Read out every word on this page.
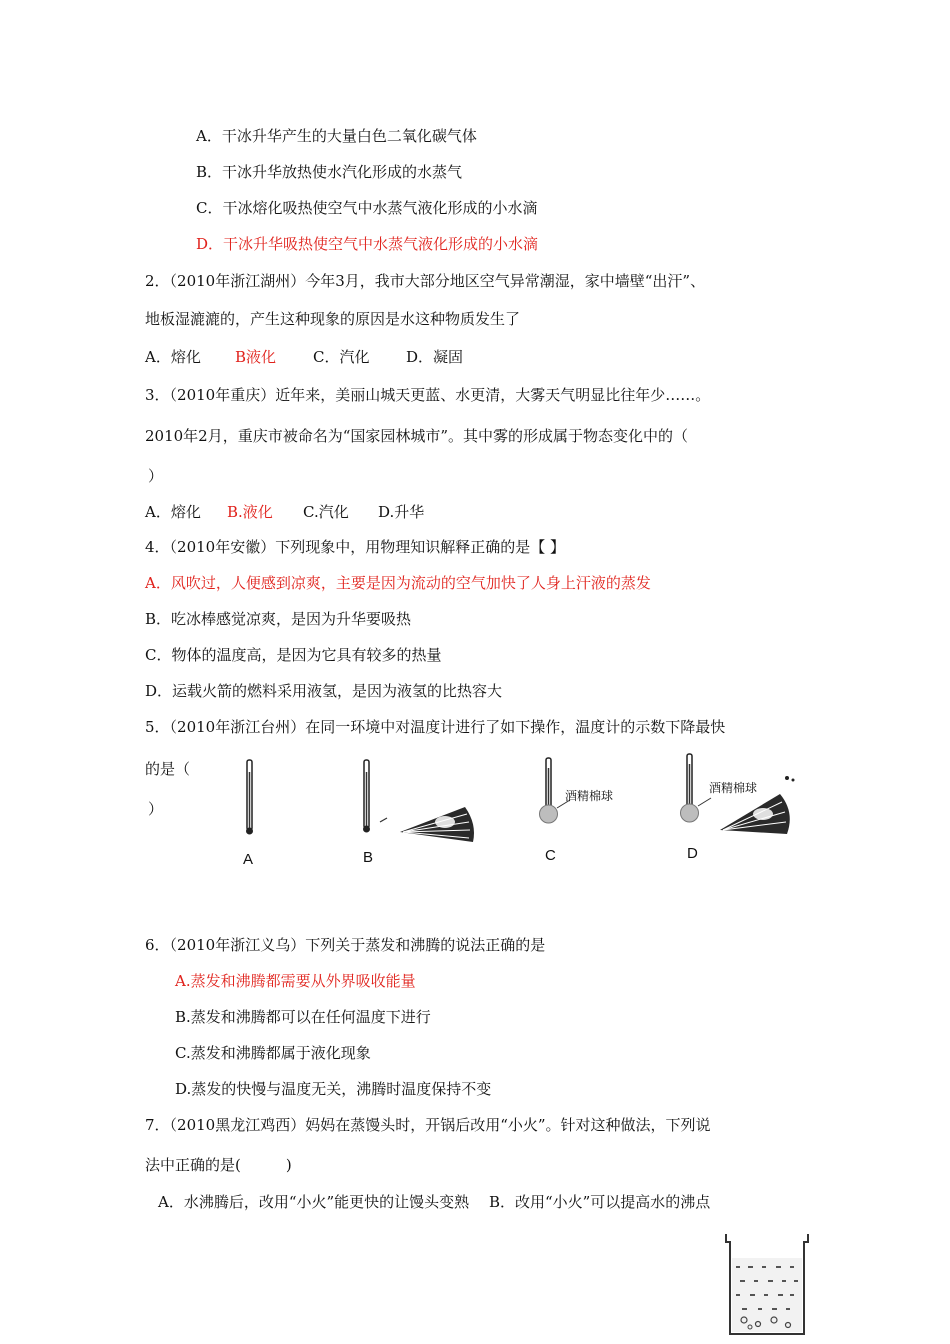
A．干冰升华产生的大量白色二氧化碳气体
B．干冰升华放热使水汽化形成的水蒸气
C．干冰熔化吸热使空气中水蒸气液化形成的小水滴
D．干冰升华吸热使空气中水蒸气液化形成的小水滴
2．（2010年浙江湖州）今年3月，我市大部分地区空气异常潮湿，家中墙壁“出汗”、
地板湿漉漉的，产生这种现象的原因是水这种物质发生了
A．熔化 B液化 C．汽化 D．凝固
3．（2010年重庆）近年来，美丽山城天更蓝、水更清，大雾天气明显比往年少……。
2010年2月，重庆市被命名为“国家园林城市”。其中雾的形成属于物态变化中的（
）
A．熔化 B.液化 C.汽化 D.升华
4．（2010年安徽）下列现象中，用物理知识解释正确的是【 】
A．风吹过，人便感到凉爽，主要是因为流动的空气加快了人身上汗液的蒸发
B．吃冰棒感觉凉爽，是因为升华要吸热
C．物体的温度高，是因为它具有较多的热量
D．运载火箭的燃料采用液氢，是因为液氢的比热容大
5．（2010年浙江台州）在同一环境中对温度计进行了如下操作，温度计的示数下降最快
的是（
）
A	B
酒精棉球
C
酒精棉球
D
6．（2010年浙江义乌）下列关于蒸发和沸腾的说法正确的是
A.蒸发和沸腾都需要从外界吸收能量
B.蒸发和沸腾都可以在任何温度下进行
C.蒸发和沸腾都属于液化现象
D.蒸发的快慢与温度无关，沸腾时温度保持不变
7．（2010黑龙江鸡西）妈妈在蒸馒头时，开锅后改用“小火”。针对这种做法，下列说
法中正确的是(　　　)
A．水沸腾后，改用“小火”能更快的让馒头变熟　 B．改用“小火”可以提高水的沸点
